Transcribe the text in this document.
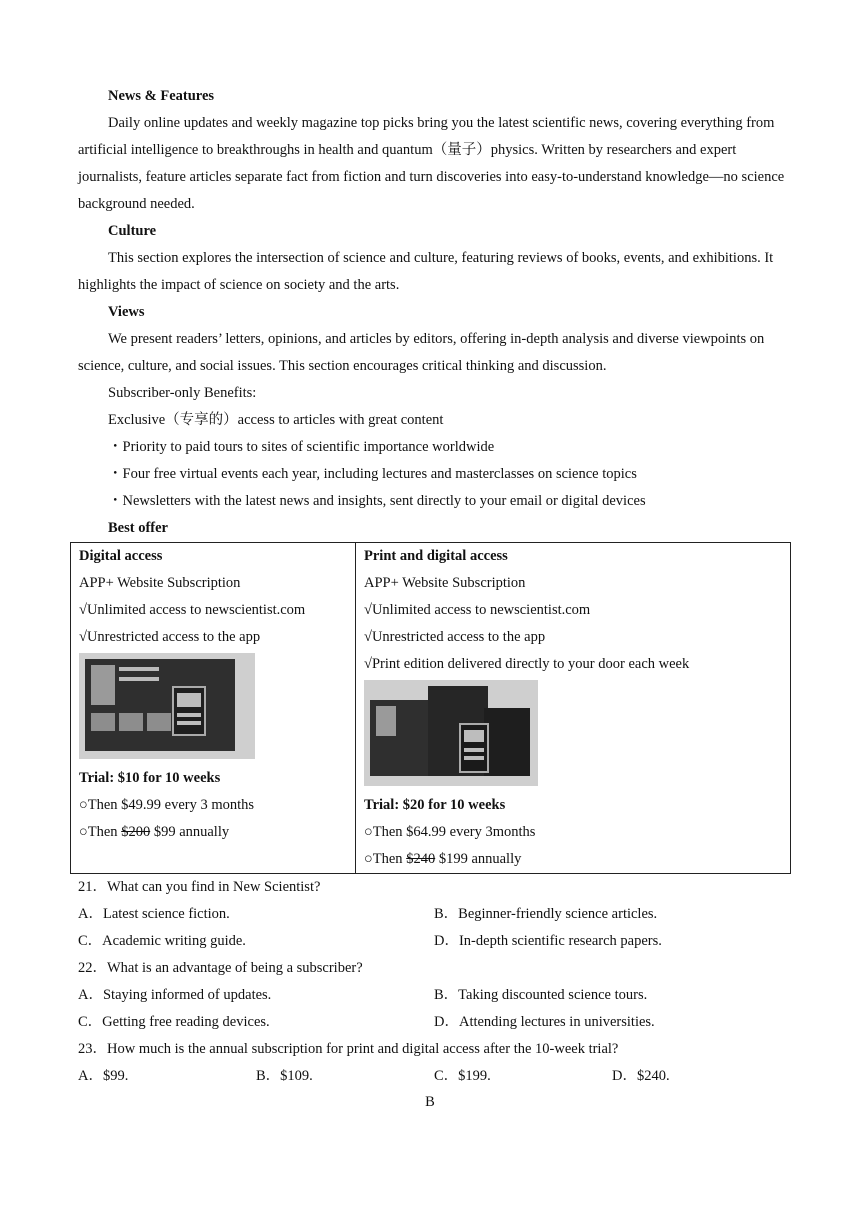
News & Features

Daily online updates and weekly magazine top picks bring you the latest scientific news, covering everything from artificial intelligence to breakthroughs in health and quantum（量子）physics. Written by researchers and expert journalists, feature articles separate fact from fiction and turn discoveries into easy-to-understand knowledge—no science background needed.

Culture

This section explores the intersection of science and culture, featuring reviews of books, events, and exhibitions. It highlights the impact of science on society and the arts.

Views

We present readers’ letters, opinions, and articles by editors, offering in-depth analysis and diverse viewpoints on science, culture, and social issues. This section encourages critical thinking and discussion.

Subscriber-only Benefits:

Exclusive（专享的）access to articles with great content

・Priority to paid tours to sites of scientific importance worldwide

・Four free virtual events each year, including lectures and masterclasses on science topics

・Newsletters with the latest news and insights, sent directly to your email or digital devices

Best offer

Digital access

APP+ Website Subscription

√Unlimited access to newscientist.com

√Unrestricted access to the app

Trial: $10 for 10 weeks

○Then $49.99 every 3 months

○Then $200 $99 annually

Print and digital access

APP+ Website Subscription

√Unlimited access to newscientist.com

√Unrestricted access to the app

√Print edition delivered directly to your door each week

Trial: $20 for 10 weeks

○Then $64.99 every 3months

○Then $240 $199 annually

21．What can you find in New Scientist?

A．Latest science fiction.	B．Beginner-friendly science articles.
C．Academic writing guide.	D．In-depth scientific research papers.

22．What is an advantage of being a subscriber?

A．Staying informed of updates.	B．Taking discounted science tours.
C．Getting free reading devices.	D．Attending lectures in universities.

23．How much is the annual subscription for print and digital access after the 10-week trial?

A．$99.	B．$109.	C．$199.	D．$240.
B
